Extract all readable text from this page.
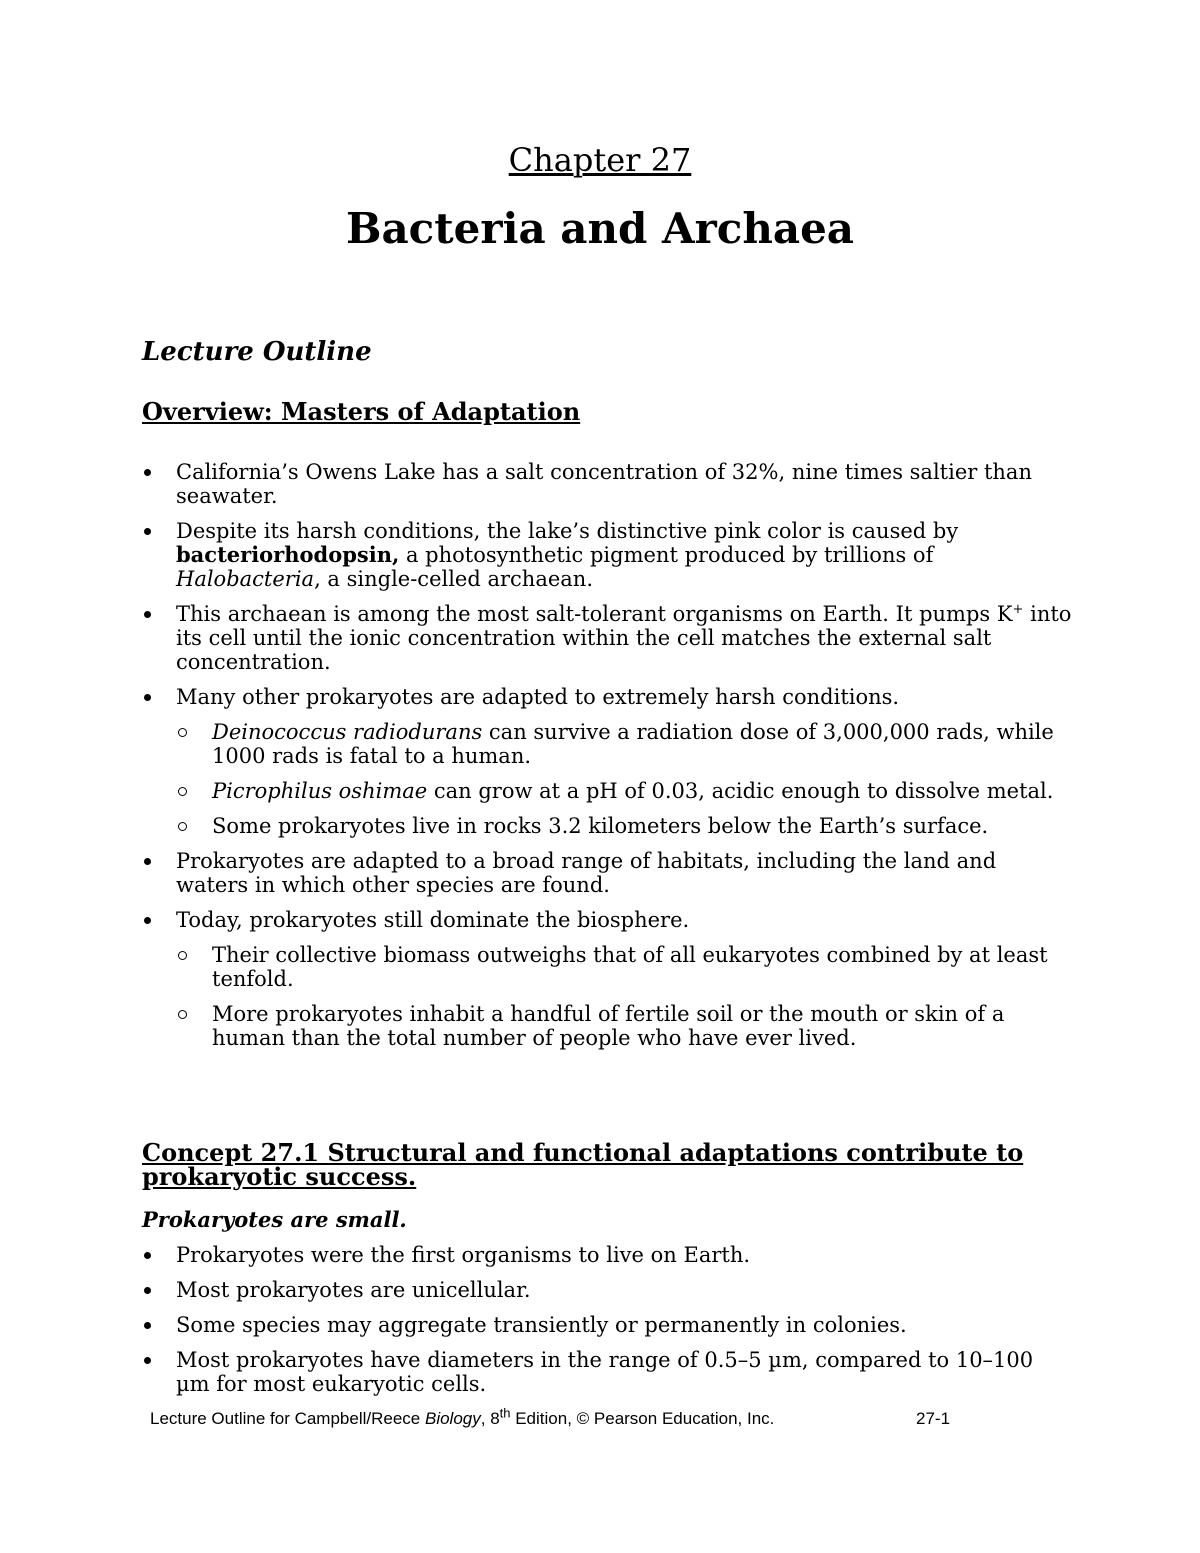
Chapter 27
Bacteria and Archaea
Lecture Outline
Overview: Masters of Adaptation
California’s Owens Lake has a salt concentration of 32%, nine times saltier than seawater.
Despite its harsh conditions, the lake’s distinctive pink color is caused by bacteriorhodopsin, a photosynthetic pigment produced by trillions of Halobacteria, a single-celled archaean.
This archaean is among the most salt-tolerant organisms on Earth. It pumps K+ into its cell until the ionic concentration within the cell matches the external salt concentration.
Many other prokaryotes are adapted to extremely harsh conditions.
Deinococcus radiodurans can survive a radiation dose of 3,000,000 rads, while 1000 rads is fatal to a human.
Picrophilus oshimae can grow at a pH of 0.03, acidic enough to dissolve metal.
Some prokaryotes live in rocks 3.2 kilometers below the Earth’s surface.
Prokaryotes are adapted to a broad range of habitats, including the land and waters in which other species are found.
Today, prokaryotes still dominate the biosphere.
Their collective biomass outweighs that of all eukaryotes combined by at least tenfold.
More prokaryotes inhabit a handful of fertile soil or the mouth or skin of a human than the total number of people who have ever lived.
Concept 27.1 Structural and functional adaptations contribute to prokaryotic success.
Prokaryotes are small.
Prokaryotes were the first organisms to live on Earth.
Most prokaryotes are unicellular.
Some species may aggregate transiently or permanently in colonies.
Most prokaryotes have diameters in the range of 0.5–5 µm, compared to 10–100 µm for most eukaryotic cells.
Lecture Outline for Campbell/Reece Biology, 8th Edition, © Pearson Education, Inc.	27-1
